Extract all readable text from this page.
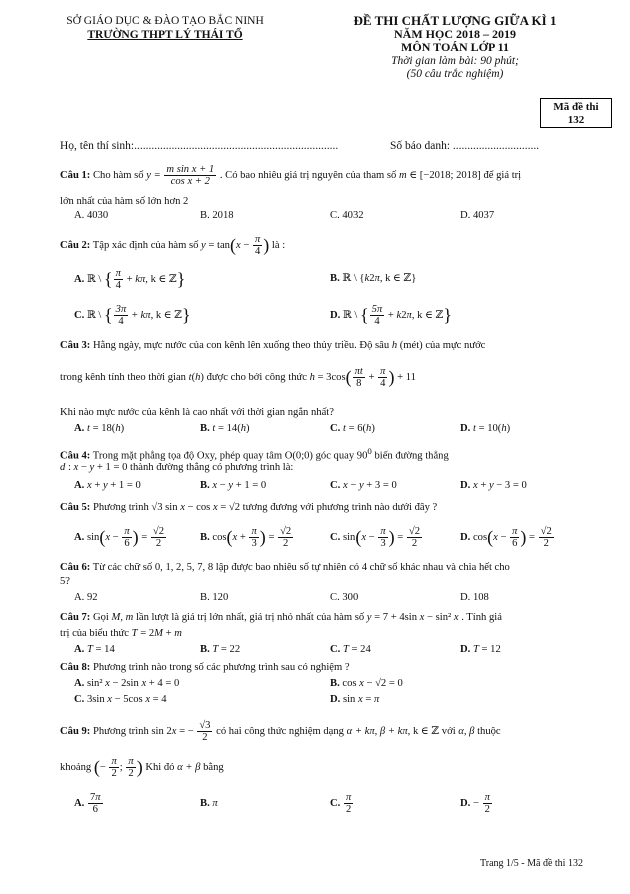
SỞ GIÁO DỤC & ĐÀO TẠO BẮC NINH
TRƯỜNG THPT LÝ THÁI TỔ
ĐỀ THI CHẤT LƯỢNG GIỮA KÌ 1
NĂM HỌC 2018 – 2019
MÔN TOÁN LỚP 11
Thời gian làm bài: 90 phút;
(50 câu trắc nghiệm)
Mã đề thi
132
Họ, tên thí sinh:.......................................................................	Số báo danh: ..............................
Câu 1: Cho hàm số $y = \frac{\text{m sin x + 1}}{\text{cos x + 2}}$ . Có bao nhiêu giá trị nguyên của tham số m ∈ [−2018; 2018] để giá trị
lớn nhất của hàm số lớn hơn 2
A. 4030	B. 2018	C. 4032	D. 4037
Câu 2: Tập xác định của hàm số $y = \tan(x - \frac{\pi}{4}$ ) là :
A. ℝ \ { $\frac{\pi}{4} + k\pi$, k ∈ ℤ}	B. ℝ \ {k2π, k ∈ ℤ}
C. ℝ \ { $\frac{3\pi}{4} + k\pi$, k ∈ ℤ}	D. ℝ \ { $\frac{5\pi}{4} + k2\pi$, k ∈ ℤ}
Câu 3: Hằng ngày, mực nước của con kênh lên xuống theo thủy triều. Độ sâu h (mét) của mực nước
trong kênh tính theo thời gian t(h) được cho bởi công thức $h = 3\cos( \frac{\pi t}{8} + \frac{\pi}{4}$ ) + 11
Khi nào mực nước của kênh là cao nhất với thời gian ngắn nhất?
A. t = 18(h)	B. t = 14(h)	C. t = 6(h)	D. t = 10(h)
Câu 4: Trong mặt phẳng tọa độ Oxy, phép quay tâm O(0;0) góc quay $90^0$ biến đường thẳng
d : x − y + 1 = 0 thành đường thẳng có phương trình là:
A. x + y + 1 = 0	B. x − y + 1 = 0	C. x − y + 3 = 0	D. x + y − 3 = 0
Câu 5: Phương trình √3 sin x − cos x = √2 tương đương với phương trình nào dưới đây ?
A. $\sin(x - \frac{\pi}{6}$ ) = $\frac{√2}{2}$	B. $\cos(x + \frac{\pi}{3}$ ) = $\frac{√2}{2}$	C. $\sin(x - \frac{\pi}{3}$ ) = $\frac{√2}{2}$	D. $\cos(x - \frac{\pi}{6}$ ) = $\frac{√2}{2}$
Câu 6: Từ các chữ số 0, 1, 2, 5, 7, 8 lập được bao nhiêu số tự nhiên có 4 chữ số khác nhau và chia hết cho
5?
A. 92	B. 120	C. 300	D. 108
Câu 7: Gọi M, m lần lượt là giá trị lớn nhất, giá trị nhỏ nhất của hàm số y = 7 + 4sin x − sin² x . Tính giá
trị của biểu thức T = 2M + m
A. T = 14	B. T = 22	C. T = 24	D. T = 12
Câu 8: Phương trình nào trong số các phương trình sau có nghiệm ?
A. sin² x − 2sin x + 4 = 0	B. cos x − √2 = 0
C. 3sin x − 5cos x = 4	D. sin x = π
Câu 9: Phương trình sin 2x = − $\frac{√3}{2}$ có hai công thức nghiệm dạng α + kπ, β + kπ, k ∈ ℤ với α, β thuộc
khoảng (− $\frac{\pi}{2}$ ; $\frac{\pi}{2}$ ) Khi đó α + β bằng
A. $\frac{7\pi}{6}$	B. π	C. $\frac{\pi}{2}$	D. − $\frac{\pi}{2}$
Trang 1/5 - Mã đề thi 132
